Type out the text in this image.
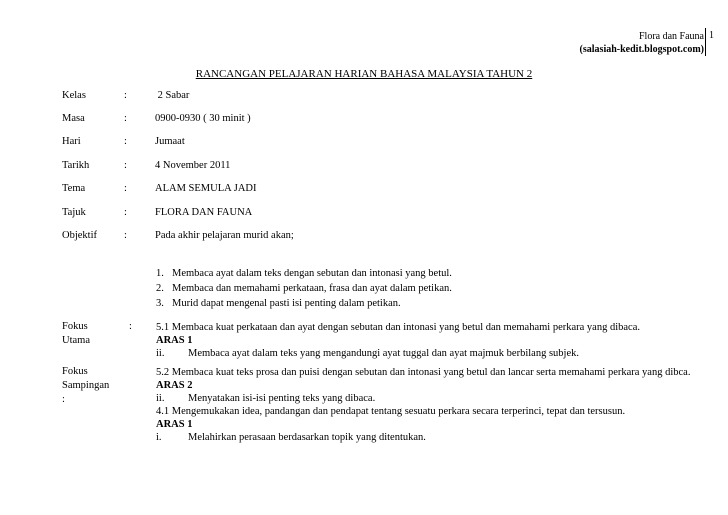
Flora dan Fauna
(salasiah-kedit.blogspot.com)
1
RANCANGAN PELAJARAN HARIAN BAHASA MALAYSIA TAHUN 2
Kelas	:	2 Sabar
Masa	:	0900-0930 ( 30 minit )
Hari	:	Jumaat
Tarikh	:	4 November 2011
Tema	:	ALAM SEMULA JADI
Tajuk	:	FLORA DAN FAUNA
Objektif	:	Pada akhir pelajaran murid akan;
1. Membaca ayat dalam teks dengan sebutan dan intonasi yang betul.
2. Membaca dan memahami perkataan, frasa dan ayat dalam petikan.
3. Murid dapat mengenal pasti isi penting dalam petikan.
Fokus Utama
: 5.1 Membaca kuat perkataan dan ayat dengan sebutan dan intonasi yang betul dan memahami perkara yang dibaca.
ARAS 1
ii. Membaca ayat dalam teks yang mengandungi ayat tuggal dan ayat majmuk berbilang subjek.
Fokus Sampingan :
5.2 Membaca kuat teks prosa dan puisi dengan sebutan dan intonasi yang betul dan lancar serta memahami perkara yang dibca.
ARAS 2
ii. Menyatakan isi-isi penting teks yang dibaca.
4.1 Mengemukakan idea, pandangan dan pendapat tentang sesuatu perkara secara terperinci, tepat dan tersusun.
ARAS 1
i.	Melahirkan perasaan berdasarkan topik yang ditentukan.
